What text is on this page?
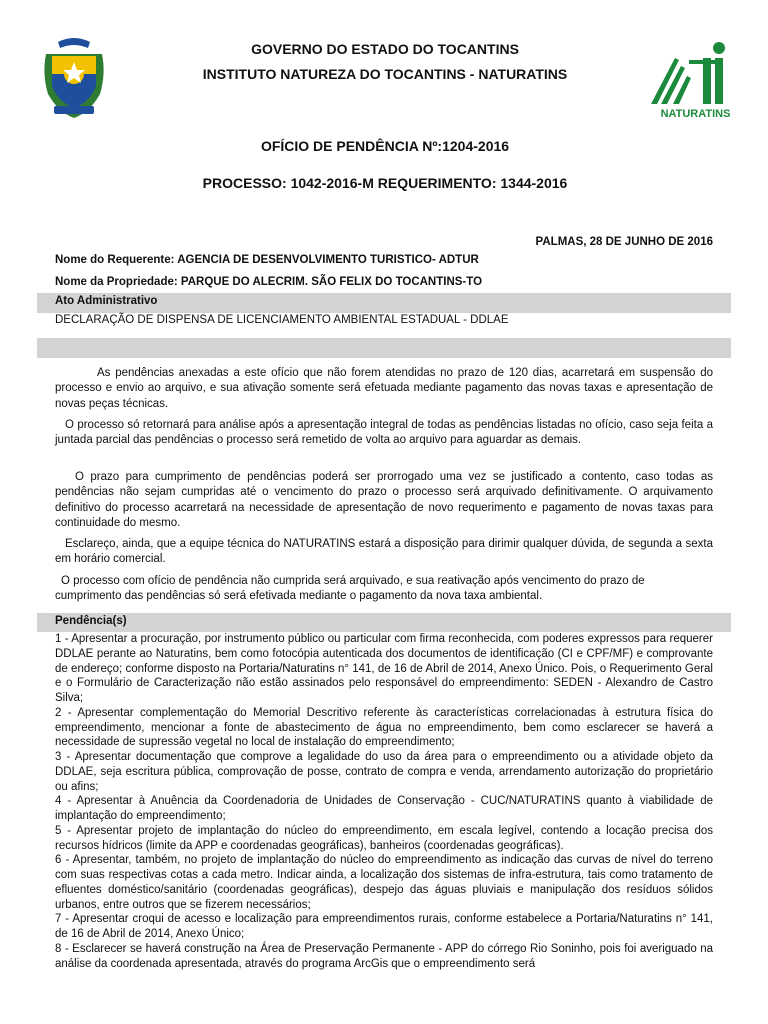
GOVERNO DO ESTADO DO TOCANTINS
INSTITUTO NATUREZA DO TOCANTINS - NATURATINS
NATURATINS
OFÍCIO DE PENDÊNCIA Nº:1204-2016
PROCESSO: 1042-2016-M REQUERIMENTO: 1344-2016
PALMAS, 28 DE JUNHO DE 2016
Nome do Requerente: AGENCIA DE DESENVOLVIMENTO TURISTICO- ADTUR
Nome da Propriedade: PARQUE DO ALECRIM. SÃO FELIX DO TOCANTINS-TO
Ato Administrativo
DECLARAÇÃO DE DISPENSA DE LICENCIAMENTO AMBIENTAL ESTADUAL - DDLAE
As pendências anexadas a este ofício que não forem atendidas no prazo de 120 dias, acarretará em suspensão do processo e envio ao arquivo, e sua ativação somente será efetuada mediante pagamento das novas taxas e apresentação de novas peças técnicas.
O processo só retornará para análise após a apresentação integral de todas as pendências listadas no ofício, caso seja feita a juntada parcial das pendências o processo será remetido de volta ao arquivo para aguardar as demais.
O prazo para cumprimento de pendências poderá ser prorrogado uma vez se justificado a contento, caso todas as pendências não sejam cumpridas até o vencimento do prazo o processo será arquivado definitivamente. O arquivamento definitivo do processo acarretará na necessidade de apresentação de novo requerimento e pagamento de novas taxas para continuidade do mesmo.
Esclareço, ainda, que a equipe técnica do NATURATINS estará a disposição para dirimir qualquer dúvida, de segunda a sexta em horário comercial.
O processo com ofício de pendência não cumprida será arquivado, e sua reativação após vencimento do prazo de cumprimento das pendências só será efetivada mediante o pagamento da nova taxa ambiental.
Pendência(s)

1 - Apresentar a procuração, por instrumento público ou particular com firma reconhecida, com poderes expressos para requerer DDLAE perante ao Naturatins, bem como fotocópia autenticada dos documentos de identificação (CI e CPF/MF) e comprovante de endereço; conforme disposto na Portaria/Naturatins n° 141, de 16 de Abril de 2014, Anexo Único. Pois, o Requerimento Geral e o Formulário de Caracterização não estão assinados pelo responsável do empreendimento: SEDEN - Alexandro de Castro Silva;

2 - Apresentar complementação do Memorial Descritivo referente às características correlacionadas à estrutura física do empreendimento, mencionar a fonte de abastecimento de água no empreendimento, bem como esclarecer se haverá a necessidade de supressão vegetal no local de instalação do empreendimento;

3 - Apresentar documentação que comprove a legalidade do uso da área para o empreendimento ou a atividade objeto da DDLAE, seja escritura pública, comprovação de posse, contrato de compra e venda, arrendamento autorização do proprietário ou afins;

4 - Apresentar à Anuência da Coordenadoria de Unidades de Conservação - CUC/NATURATINS quanto à viabilidade de implantação do empreendimento;

5 - Apresentar projeto de implantação do núcleo do empreendimento, em escala legível, contendo a locação precisa dos recursos hídricos (limite da APP e coordenadas geográficas), banheiros (coordenadas geográficas).

6 - Apresentar, também, no projeto de implantação do núcleo do empreendimento as indicação das curvas de nível do terreno com suas respectivas cotas a cada metro. Indicar ainda, a localização dos sistemas de infra-estrutura, tais como tratamento de efluentes doméstico/sanitário (coordenadas geográficas), despejo das águas pluviais e manipulação dos resíduos sólidos urbanos, entre outros que se fizerem necessários;

7 - Apresentar croqui de acesso e localização para empreendimentos rurais, conforme estabelece a Portaria/Naturatins n° 141, de 16 de Abril de 2014, Anexo Único;

8 - Esclarecer se haverá construção na Área de Preservação Permanente - APP do córrego Rio Soninho, pois foi averiguado na análise da coordenada apresentada, através do programa ArcGis que o empreendimento será
